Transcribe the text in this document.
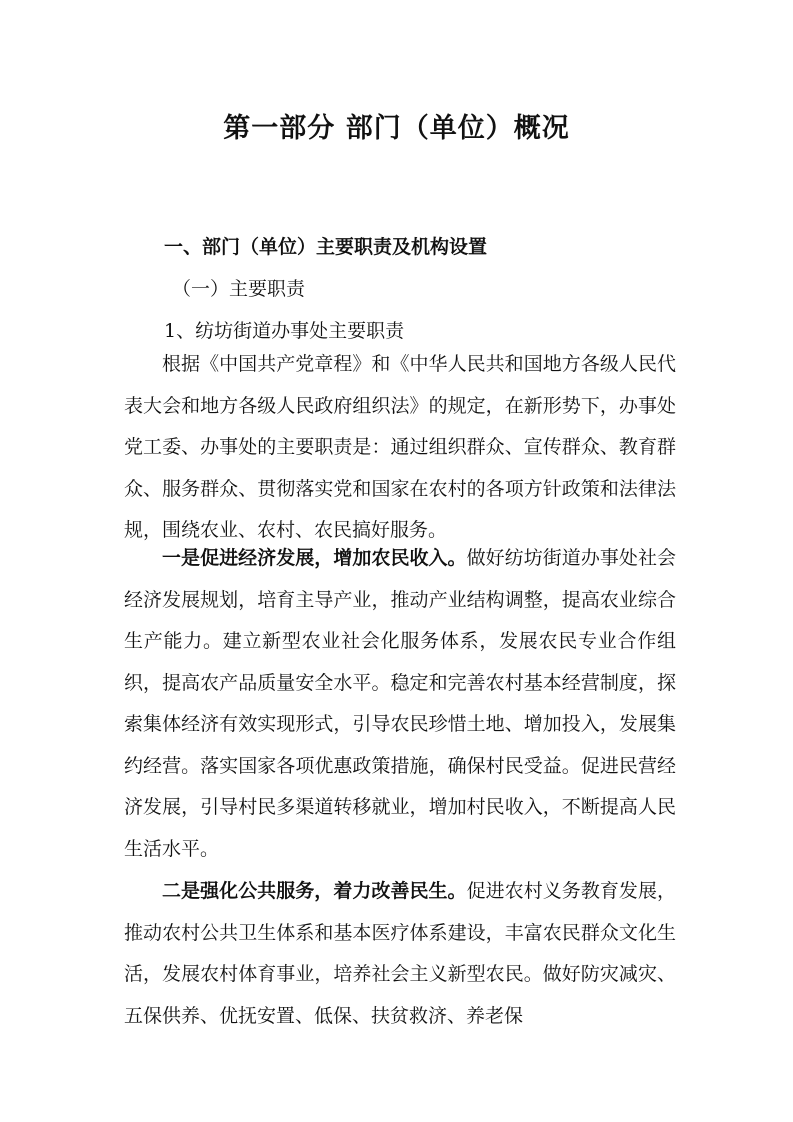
第一部分 部门（单位）概况
一、部门（单位）主要职责及机构设置
（一）主要职责
1、纺坊街道办事处主要职责

根据《中国共产党章程》和《中华人民共和国地方各级人民代表大会和地方各级人民政府组织法》的规定，在新形势下，办事处党工委、办事处的主要职责是：通过组织群众、宣传群众、教育群众、服务群众、贯彻落实党和国家在农村的各项方针政策和法律法规，围绕农业、农村、农民搞好服务。

一是促进经济发展，增加农民收入。做好纺坊街道办事处社会经济发展规划，培育主导产业，推动产业结构调整，提高农业综合生产能力。建立新型农业社会化服务体系，发展农民专业合作组织，提高农产品质量安全水平。稳定和完善农村基本经营制度，探索集体经济有效实现形式，引导农民珍惜土地、增加投入，发展集约经营。落实国家各项优惠政策措施，确保村民受益。促进民营经济发展，引导村民多渠道转移就业，增加村民收入，不断提高人民生活水平。

二是强化公共服务，着力改善民生。促进农村义务教育发展，推动农村公共卫生体系和基本医疗体系建设，丰富农民群众文化生活，发展农村体育事业，培养社会主义新型农民。做好防灾减灾、五保供养、优抚安置、低保、扶贫救济、养老保
